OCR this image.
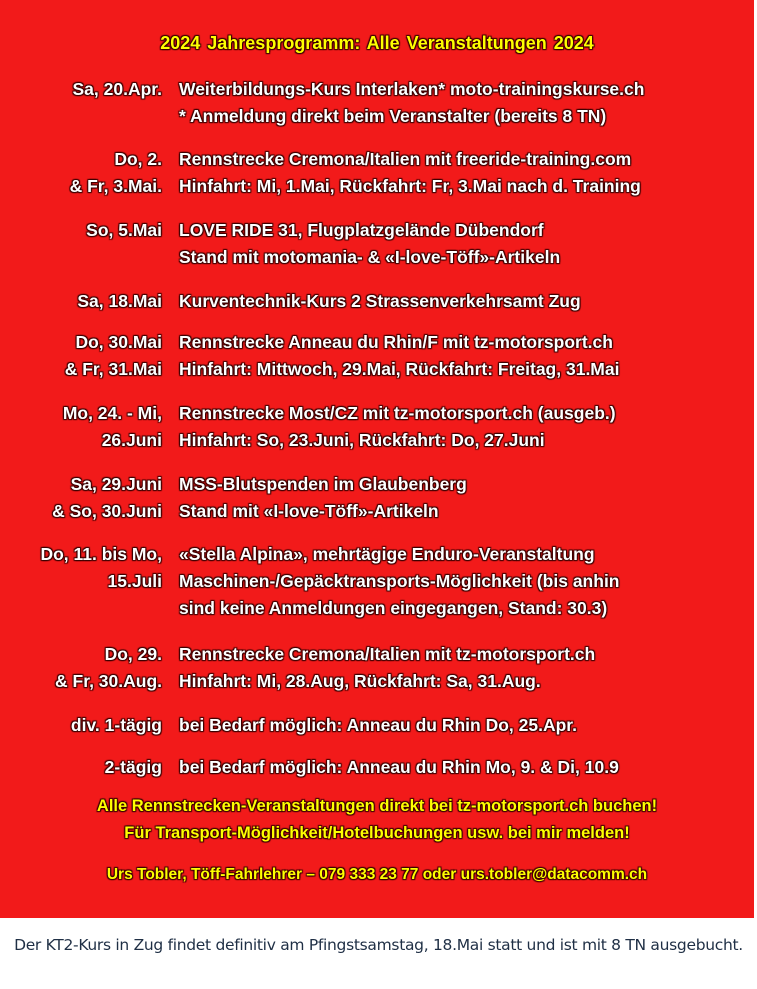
2024 Jahresprogramm: Alle Veranstaltungen 2024
Sa, 20.Apr. Weiterbildungs-Kurs Interlaken* moto-trainingskurse.ch
* Anmeldung direkt beim Veranstalter (bereits 8 TN)
Do, 2.
& Fr, 3.Mai.
Rennstrecke Cremona/Italien mit freeride-training.com
Hinfahrt: Mi, 1.Mai, Rückfahrt: Fr, 3.Mai nach d. Training
So, 5.Mai LOVE RIDE 31, Flugplatzgelände Dübendorf
Stand mit motomania- & «I-love-Töff»-Artikeln
Sa, 18.Mai Kurventechnik-Kurs 2 Strassenverkehrsamt Zug
Do, 30.Mai
& Fr, 31.Mai
Rennstrecke Anneau du Rhin/F mit tz-motorsport.ch
Hinfahrt: Mittwoch, 29.Mai, Rückfahrt: Freitag, 31.Mai
Mo, 24. - Mi,
26.Juni
Rennstrecke Most/CZ mit tz-motorsport.ch (ausgeb.)
Hinfahrt: So, 23.Juni, Rückfahrt: Do, 27.Juni
Sa, 29.Juni
& So, 30.Juni
MSS-Blutspenden im Glaubenberg
Stand mit «I-love-Töff»-Artikeln
Do, 11. bis Mo,
15.Juli
«Stella Alpina», mehrtägige Enduro-Veranstaltung
Maschinen-/Gepäcktransports-Möglichkeit (bis anhin
sind keine Anmeldungen eingegangen, Stand: 30.3)
Do, 29.
& Fr, 30.Aug.
Rennstrecke Cremona/Italien mit tz-motorsport.ch
Hinfahrt: Mi, 28.Aug, Rückfahrt: Sa, 31.Aug.
div. 1-tägig bei Bedarf möglich: Anneau du Rhin Do, 25.Apr.
2-tägig bei Bedarf möglich: Anneau du Rhin Mo, 9. & Di, 10.9
Alle Rennstrecken-Veranstaltungen direkt bei tz-motorsport.ch buchen!
Für Transport-Möglichkeit/Hotelbuchungen usw. bei mir melden!
Urs Tobler, Töff-Fahrlehrer – 079 333 23 77 oder urs.tobler@datacomm.ch
Der KT2-Kurs in Zug findet definitiv am Pfingstsamstag, 18.Mai statt und ist mit 8 TN ausgebucht.
